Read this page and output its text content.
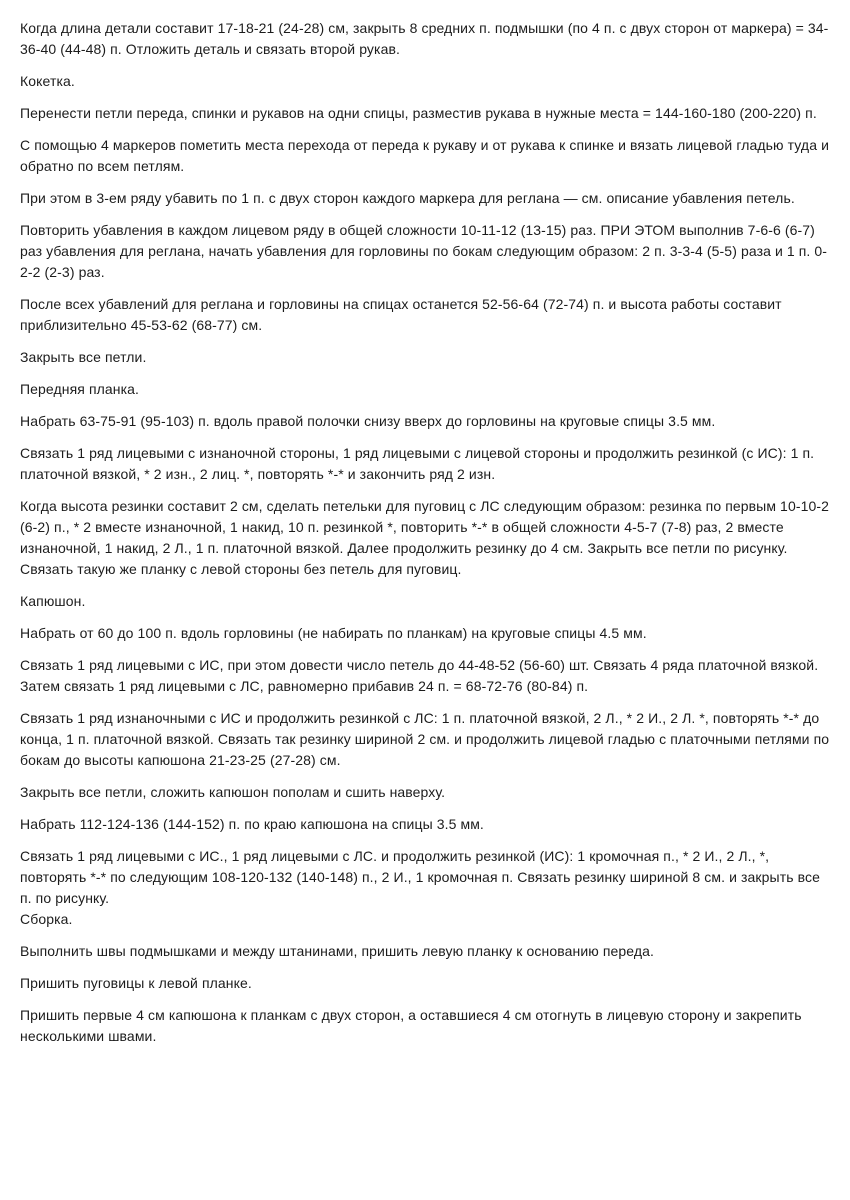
Когда длина детали составит 17-18-21 (24-28) см, закрыть 8 средних п. подмышки (по 4 п. с двух сторон от маркера) = 34-36-40 (44-48) п. Отложить деталь и связать второй рукав.

Кокетка.

Перенести петли переда, спинки и рукавов на одни спицы, разместив рукава в нужные места = 144-160-180 (200-220) п.

С помощью 4 маркеров пометить места перехода от переда к рукаву и от рукава к спинке и вязать лицевой гладью туда и обратно по всем петлям.

При этом в 3-ем ряду убавить по 1 п. с двух сторон каждого маркера для реглана — см. описание убавления петель.

Повторить убавления в каждом лицевом ряду в общей сложности 10-11-12 (13-15) раз. ПРИ ЭТОМ выполнив 7-6-6 (6-7) раз убавления для реглана, начать убавления для горловины по бокам следующим образом: 2 п. 3-3-4 (5-5) раза и 1 п. 0-2-2 (2-3) раз.

После всех убавлений для реглана и горловины на спицах останется 52-56-64 (72-74) п. и высота работы составит приблизительно 45-53-62 (68-77) см.

Закрыть все петли.

Передняя планка.

Набрать 63-75-91 (95-103) п. вдоль правой полочки снизу вверх до горловины на круговые спицы 3.5 мм.

Связать 1 ряд лицевыми с изнаночной стороны, 1 ряд лицевыми с лицевой стороны и продолжить резинкой (с ИС): 1 п. платочной вязкой, * 2 изн., 2 лиц. *, повторять *-* и закончить ряд 2 изн.

Когда высота резинки составит 2 см, сделать петельки для пуговиц с ЛС следующим образом: резинка по первым 10-10-2 (6-2) п., * 2 вместе изнаночной, 1 накид, 10 п. резинкой *, повторить *-* в общей сложности 4-5-7 (7-8) раз, 2 вместе изнаночной, 1 накид, 2 Л., 1 п. платочной вязкой. Далее продолжить резинку до 4 см. Закрыть все петли по рисунку. Связать такую же планку с левой стороны без петель для пуговиц.

Капюшон.

Набрать от 60 до 100 п. вдоль горловины (не набирать по планкам) на круговые спицы 4.5 мм.

Связать 1 ряд лицевыми с ИС, при этом довести число петель до 44-48-52 (56-60) шт. Связать 4 ряда платочной вязкой. Затем связать 1 ряд лицевыми с ЛС, равномерно прибавив 24 п. = 68-72-76 (80-84) п.

Связать 1 ряд изнаночными с ИС и продолжить резинкой с ЛС: 1 п. платочной вязкой, 2 Л., * 2 И., 2 Л. *, повторять *-* до конца, 1 п. платочной вязкой. Связать так резинку шириной 2 см. и продолжить лицевой гладью с платочными петлями по бокам до высоты капюшона 21-23-25 (27-28) см.

Закрыть все петли, сложить капюшон пополам и сшить наверху.

Набрать 112-124-136 (144-152) п. по краю капюшона на спицы 3.5 мм.

Связать 1 ряд лицевыми с ИС., 1 ряд лицевыми с ЛС. и продолжить резинкой (ИС): 1 кромочная п., * 2 И., 2 Л., *, повторять *-* по следующим 108-120-132 (140-148) п., 2 И., 1 кромочная п. Связать резинку шириной 8 см. и закрыть все п. по рисунку.

Сборка.

Выполнить швы подмышками и между штанинами, пришить левую планку к основанию переда.

Пришить пуговицы к левой планке.

Пришить первые 4 см капюшона к планкам с двух сторон, а оставшиеся 4 см отогнуть в лицевую сторону и закрепить несколькими швами.
